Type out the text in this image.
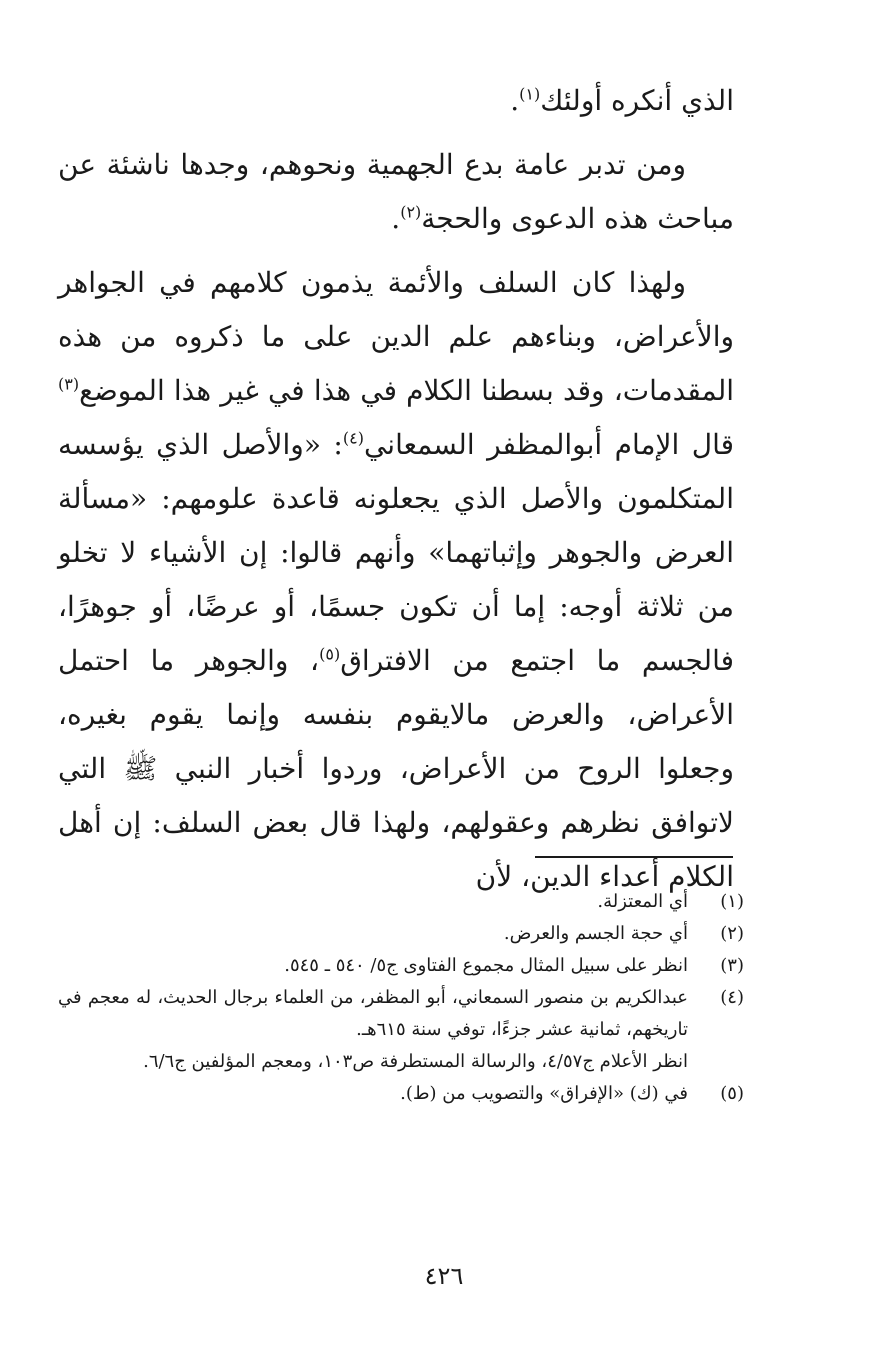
الذي أنكره أولئك$^{(١)}$.

ومن تدبر عامة بدع الجهمية ونحوهم، وجدها ناشئة عن مباحث هذه الدعوى والحجة$^{(٢)}$.

ولهذا كان السلف والأئمة يذمون كلامهم في الجواهر والأعراض، وبناءهم علم الدين على ما ذكروه من هذه المقدمات، وقد بسطنا الكلام في هذا في غير هذا الموضع$^{(٣)}$ قال الإمام أبوالمظفر السمعاني$^{(٤)}$: «والأصل الذي يؤسسه المتكلمون والأصل الذي يجعلونه قاعدة علومهم: «مسألة العرض والجوهر وإثباتهما» وأنهم قالوا: إن الأشياء لا تخلو من ثلاثة أوجه: إما أن تكون جسمًا، أو عرضًا، أو جوهرًا، فالجسم ما اجتمع من الافتراق$^{(٥)}$، والجوهر ما احتمل الأعراض، والعرض مالايقوم بنفسه وإنما يقوم بغيره، وجعلوا الروح من الأعراض، وردوا أخبار النبي ﷺ التي لاتوافق نظرهم وعقولهم، ولهذا قال بعض السلف: إن أهل الكلام أعداء الدين، لأن

(١)
أي المعتزلة.
(٢)
أي حجة الجسم والعرض.
(٣)
انظر على سبيل المثال مجموع الفتاوى ج٥/ ٥٤٠ ـ ٥٤٥.
(٤)
عبدالكريم بن منصور السمعاني، أبو المظفر، من العلماء برجال الحديث، له معجم في تاريخهم، ثمانية عشر جزءًا، توفي سنة ٦١٥هـ.
انظر الأعلام ج٤/٥٧، والرسالة المستطرفة ص١٠٣، ومعجم المؤلفين ج٦/٦.
(٥)
في (ك) «الإفراق» والتصويب من (ط).
٤٢٦
